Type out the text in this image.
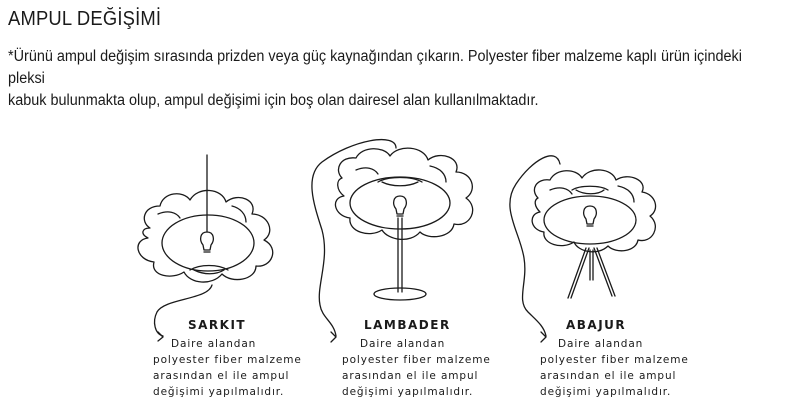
AMPUL DEĞİŞİMİ

*Ürünü ampul değişim sırasında prizden veya güç kaynağından çıkarın. Polyester fiber malzeme kaplı ürün içindeki pleksi

kabuk bulunmakta olup, ampul değişimi için boş olan dairesel alan kullanılmaktadır.

SARKIT	LAMBADER	ABAJUR
Daire alandan
polyester fiber malzeme
arasından el ile ampul
değişimi yapılmalıdır.
Daire alandan
polyester fiber malzeme
arasından el ile ampul
değişimi yapılmalıdır.
Daire alandan
polyester fiber malzeme
arasından el ile ampul
değişimi yapılmalıdır.
